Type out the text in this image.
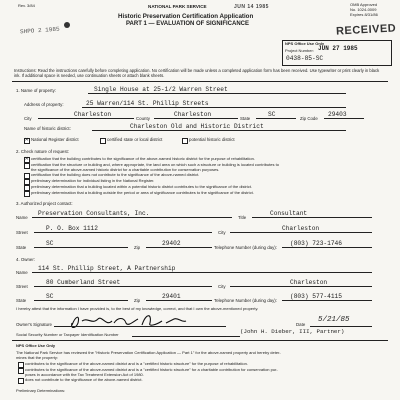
Rev. 3/84	NATIONAL PARK SERVICE	JUN 14 1985	OMB Approved
No. 1024-0009
Expires 8/31/86
SHPO 2 1985
Historic Preservation Certification Application
PART 1 — EVALUATION OF SIGNIFICANCE	RECEIVED
NPS Office Use Only
Project Number: JUN 27 1985
0438-85-SC
Instructions: Read the instructions carefully before completing application. No certification will be made unless a completed application form has been received. Use typewriter or print clearly in black ink. If additional space is needed, use continuation sheets or attach blank sheets.
1. Name of property:	Single House at 25-1/2 Warren Street
Address of property:	25 Warren/114 St. Phillip Streets
City
Charleston
County
Charleston
State
SC
Zip Code
29403
Name of historic district:	Charleston Old and Historic District
✕
National Register district	certified state or local district	potential historic district
2. Check nature of request:
✕
certification that the building contributes to the significance of the above-named historic district for the purpose of rehabilitation.
certification that the structure or building and, where appropriate, the land area on which such a structure or building is located contributes to
the significance of the above-named historic district for a charitable contribution for conservation purposes.
certification that the building does not contribute to the significance of the above-named district.
preliminary determination for individual listing in the National Register.
preliminary determination that a building located within a potential historic district contributes to the significance of the district.
preliminary determination that a building outside the period or area of significance contributes to the significance of the district.
3. Authorized project contact:
Name
Preservation Consultants, Inc.
Title
Consultant
Street
P. O. Box 1112
City
Charleston
State
SC
Zip
29402
Telephone Number (during day):
(803) 723-1746
4. Owner:
Name
114 St. Phillip Street, A Partnership
Street
80 Cumberland Street
City
Charleston
State
SC
Zip
29401
Telephone Number (during day):
(803) 577-4115
I hereby attest that the information I have provided is, to the best of my knowledge, correct, and that I own the above-mentioned property.
Owner's Signature	Date
5/21/85
Social Security Number or Taxpayer Identification Number	(John H. Dieber, III, Partner)
NPS Office Use Only
The National Park Service has reviewed the "Historic Preservation Certification Application — Part 1" for the above-named property and hereby deter-
mines that the property:
contributes to the significance of the above-named district and is a "certified historic structure" for the purpose of rehabilitation.
contributes to the significance of the above-named district and is a "certified historic structure" for a charitable contribution for conservation pur-
poses in accordance with the Tax Treatment Extension Act of 1980.
does not contribute to the significance of the above-named district.
Preliminary Determinations:
